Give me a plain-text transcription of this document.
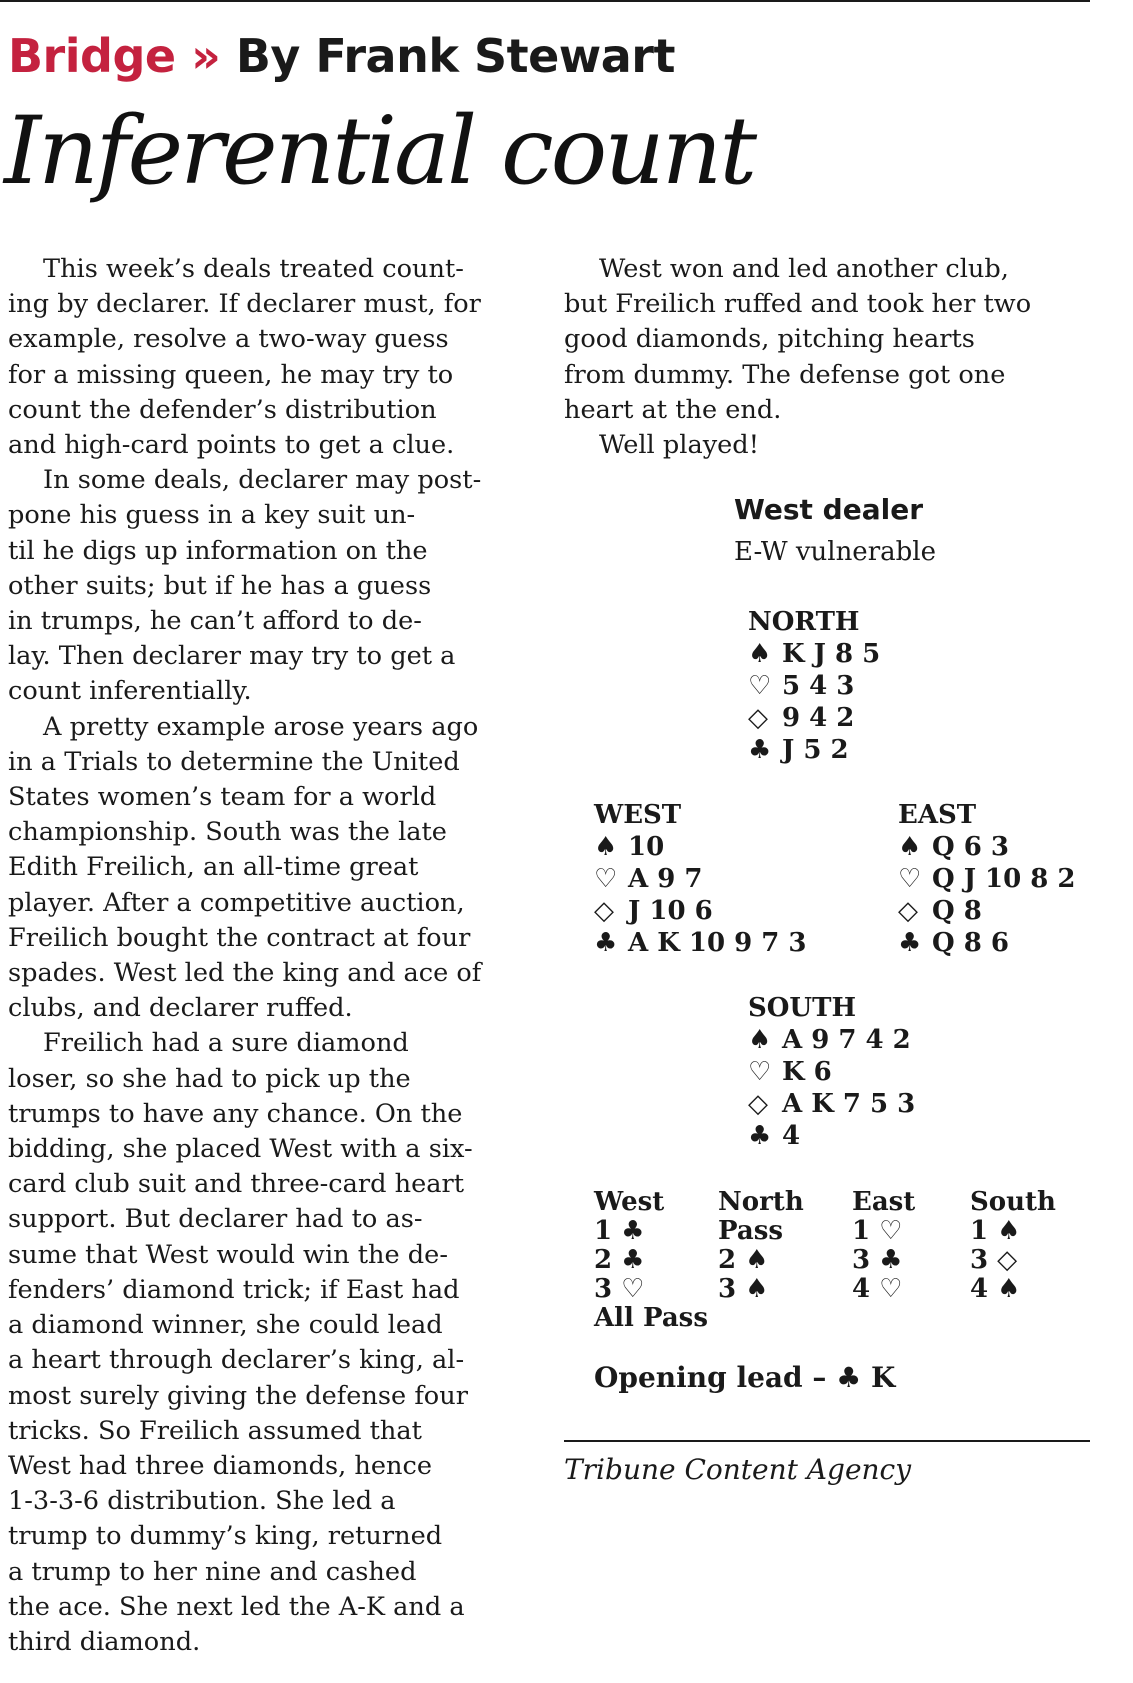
Bridge » By Frank Stewart
Inferential count

This week’s deals treated count-
ing by declarer. If declarer must, for
example, resolve a two-way guess
for a missing queen, he may try to
count the defender’s distribution
and high-card points to get a clue.

In some deals, declarer may post-
pone his guess in a key suit un-
til he digs up information on the
other suits; but if he has a guess
in trumps, he can’t afford to de-
lay. Then declarer may try to get a
count inferentially.

A pretty example arose years ago
in a Trials to determine the United
States women’s team for a world
championship. South was the late
Edith Freilich, an all-time great
player. After a competitive auction,
Freilich bought the contract at four
spades. West led the king and ace of
clubs, and declarer ruffed.

Freilich had a sure diamond
loser, so she had to pick up the
trumps to have any chance. On the
bidding, she placed West with a six-
card club suit and three-card heart
support. But declarer had to as-
sume that West would win the de-
fenders’ diamond trick; if East had
a diamond winner, she could lead
a heart through declarer’s king, al-
most surely giving the defense four
tricks. So Freilich assumed that
West had three diamonds, hence
1-3-3-6 distribution. She led a
trump to dummy’s king, returned
a trump to her nine and cashed
the ace. She next led the A-K and a
third diamond.

West won and led another club,
but Freilich ruffed and took her two
good diamonds, pitching hearts
from dummy. The defense got one
heart at the end.

Well played!

West dealer
E-W vulnerable
NORTH
♠ K J 8 5
♡ 5 4 3
◇ 9 4 2
♣ J 5 2
WEST
♠ 10
♡ A 9 7
◇ J 10 6
♣ A K 10 9 7 3
EAST
♠ Q 6 3
♡ Q J 10 8 2
◇ Q 8
♣ Q 8 6
SOUTH
♠ A 9 7 4 2
♡ K 6
◇ A K 7 5 3
♣ 4
West
1 ♣
2 ♣
3 ♡
All Pass
North
Pass
2 ♠
3 ♠
East
1 ♡
3 ♣
4 ♡
South
1 ♠
3 ◇
4 ♠
Opening lead – ♣ K
Tribune Content Agency
